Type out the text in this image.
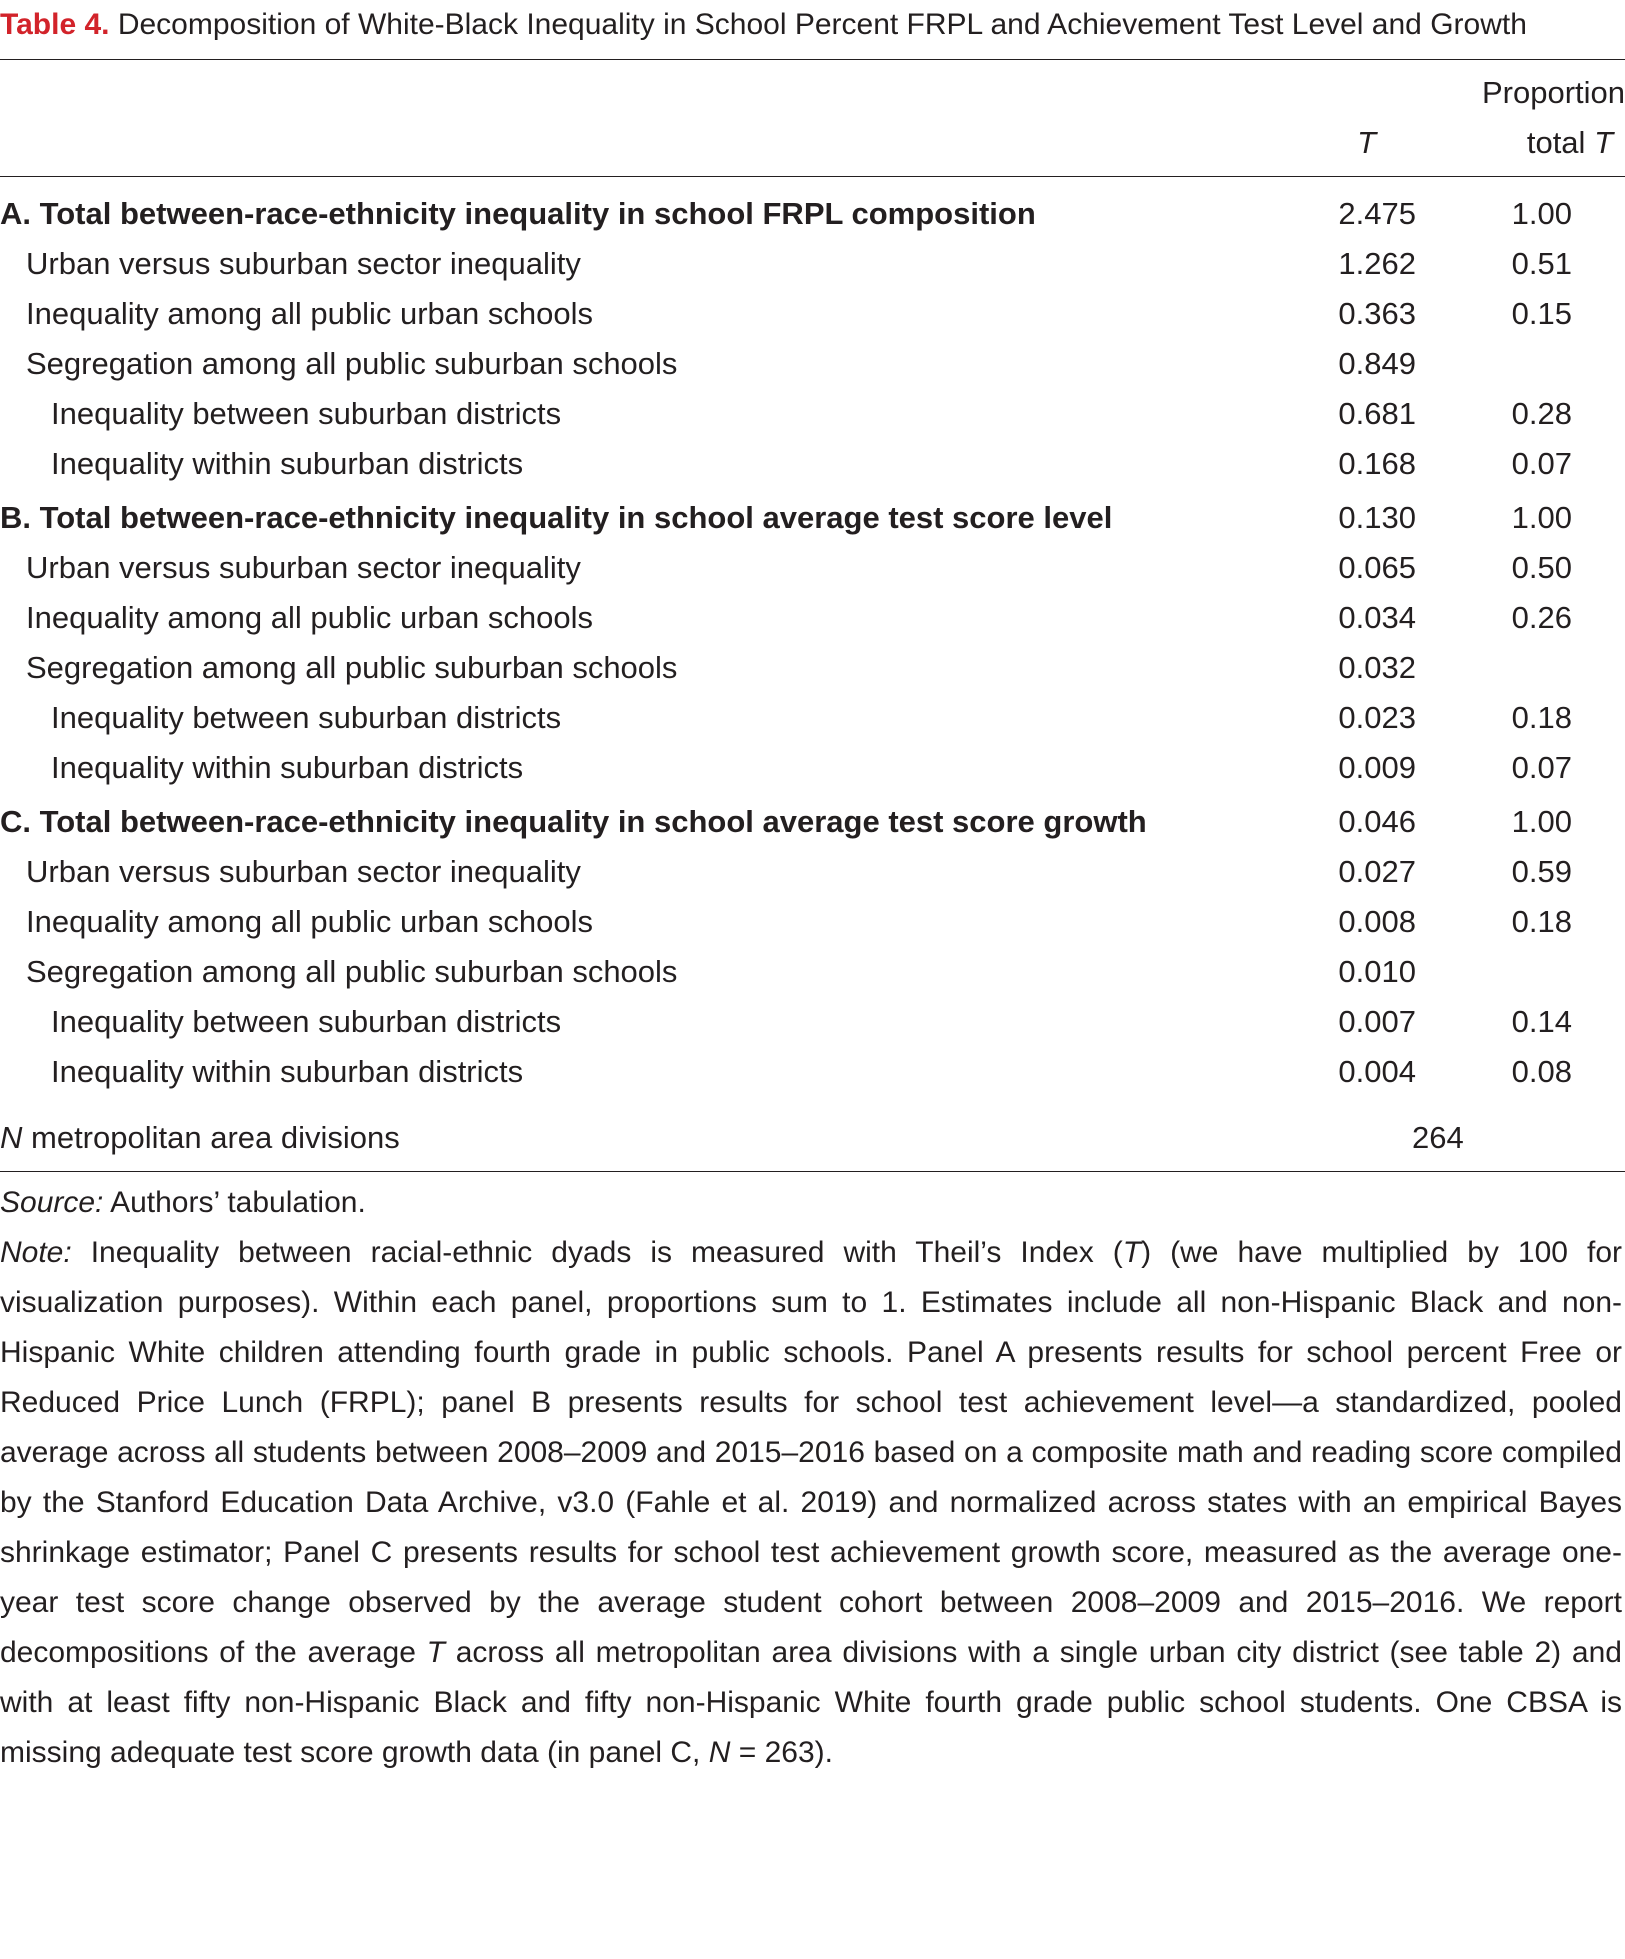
Table 4. Decomposition of White-Black Inequality in School Percent FRPL and Achievement Test Level and Growth

		Proportion
	T	total T

A. Total between-race-ethnicity inequality in school FRPL composition	2.475	1.00
Urban versus suburban sector inequality	1.262	0.51
Inequality among all public urban schools	0.363	0.15
Segregation among all public suburban schools	0.849	
Inequality between suburban districts	0.681	0.28
Inequality within suburban districts	0.168	0.07
B. Total between-race-ethnicity inequality in school average test score level	0.130	1.00
Urban versus suburban sector inequality	0.065	0.50
Inequality among all public urban schools	0.034	0.26
Segregation among all public suburban schools	0.032	
Inequality between suburban districts	0.023	0.18
Inequality within suburban districts	0.009	0.07
C. Total between-race-ethnicity inequality in school average test score growth	0.046	1.00
Urban versus suburban sector inequality	0.027	0.59
Inequality among all public urban schools	0.008	0.18
Segregation among all public suburban schools	0.010	
Inequality between suburban districts	0.007	0.14
Inequality within suburban districts	0.004	0.08
N metropolitan area divisions	264	

Source: Authors’ tabulation.

Note: Inequality between racial-ethnic dyads is measured with Theil’s Index (T) (we have multiplied by 100 for visualization purposes). Within each panel, proportions sum to 1. Estimates include all non-Hispanic Black and non-Hispanic White children attending fourth grade in public schools. Panel A presents results for school percent Free or Reduced Price Lunch (FRPL); panel B presents results for school test achievement level—a standardized, pooled average across all students between 2008–2009 and 2015–2016 based on a composite math and reading score compiled by the Stanford Education Data Archive, v3.0 (Fahle et al. 2019) and normalized across states with an empirical Bayes shrinkage estimator; Panel C presents results for school test achievement growth score, measured as the average one-year test score change observed by the average student cohort between 2008–2009 and 2015–2016. We report decompositions of the average T across all metropolitan area divisions with a single urban city district (see table 2) and with at least fifty non-Hispanic Black and fifty non-Hispanic White fourth grade public school students. One CBSA is missing adequate test score growth data (in panel C, N = 263).
